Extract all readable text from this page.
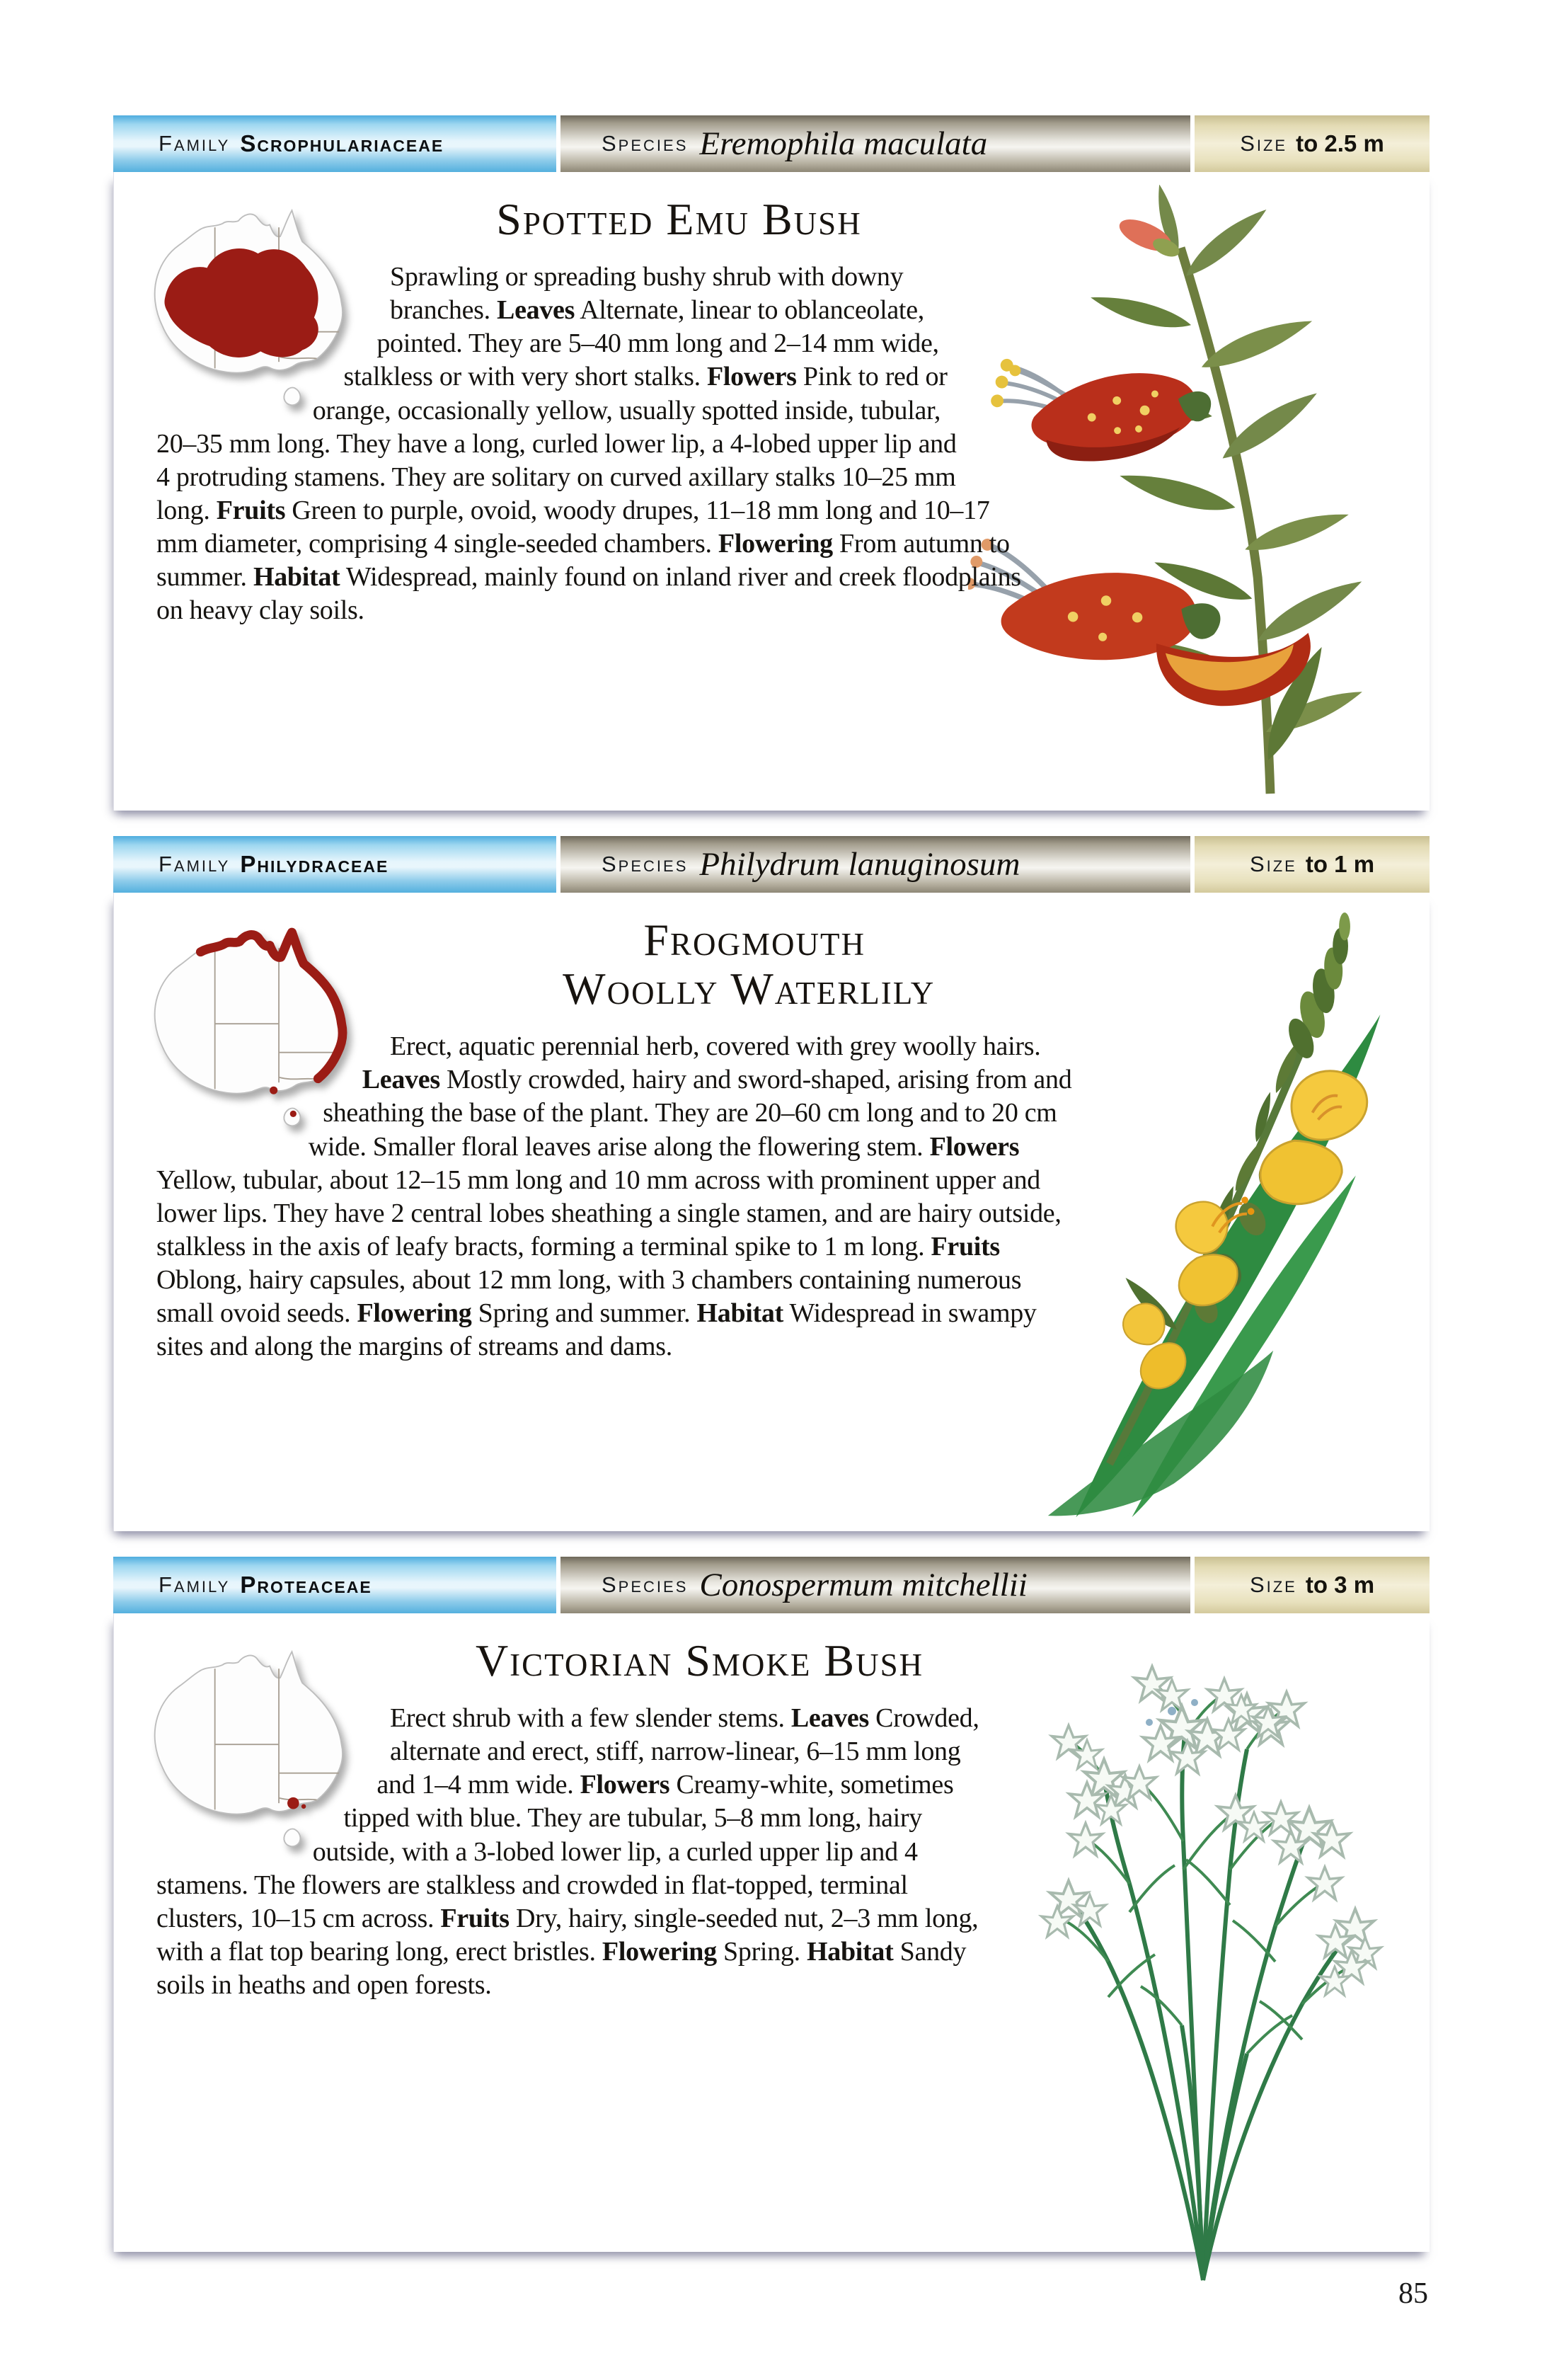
Family Scrophulariaceae	Species Eremophila maculata	Size to 2.5 m
Spotted Emu Bush

Sprawling or spreading bushy shrub with downy branches. Leaves Alternate, linear to oblanceolate, pointed. They are 5–40 mm long and 2–14 mm wide, stalkless or with very short stalks. Flowers Pink to red or orange, occasionally yellow, usually spotted inside, tubular, 20–35 mm long. They have a long, curled lower lip, a 4-lobed upper lip and 4 protruding stamens. They are solitary on curved axillary stalks 10–25 mm long. Fruits Green to purple, ovoid, woody drupes, 11–18 mm long and 10–17 mm diameter, comprising 4 single-seeded chambers. Flowering From autumn to summer. Habitat Widespread, mainly found on inland river and creek floodplains on heavy clay soils.

Family Philydraceae	Species Philydrum lanuginosum	Size to 1 m
Frogmouth
Woolly Waterlily

Erect, aquatic perennial herb, covered with grey woolly hairs. Leaves Mostly crowded, hairy and sword-shaped, arising from and sheathing the base of the plant. They are 20–60 cm long and to 20 cm wide. Smaller floral leaves arise along the flowering stem. Flowers Yellow, tubular, about 12–15 mm long and 10 mm across with prominent upper and lower lips. They have 2 central lobes sheathing a single stamen, and are hairy outside, stalkless in the axis of leafy bracts, forming a terminal spike to 1 m long. Fruits Oblong, hairy capsules, about 12 mm long, with 3 chambers containing numerous small ovoid seeds. Flowering Spring and summer. Habitat Widespread in swampy sites and along the margins of streams and dams.

Family Proteaceae	Species Conospermum mitchellii	Size to 3 m
Victorian Smoke Bush

Erect shrub with a few slender stems. Leaves Crowded, alternate and erect, stiff, narrow-linear, 6–15 mm long and 1–4 mm wide. Flowers Creamy-white, sometimes tipped with blue. They are tubular, 5–8 mm long, hairy outside, with a 3-lobed lower lip, a curled upper lip and 4 stamens. The flowers are stalkless and crowded in flat-topped, terminal clusters, 10–15 cm across. Fruits Dry, hairy, single-seeded nut, 2–3 mm long, with a flat top bearing long, erect bristles. Flowering Spring. Habitat Sandy soils in heaths and open forests.

85
